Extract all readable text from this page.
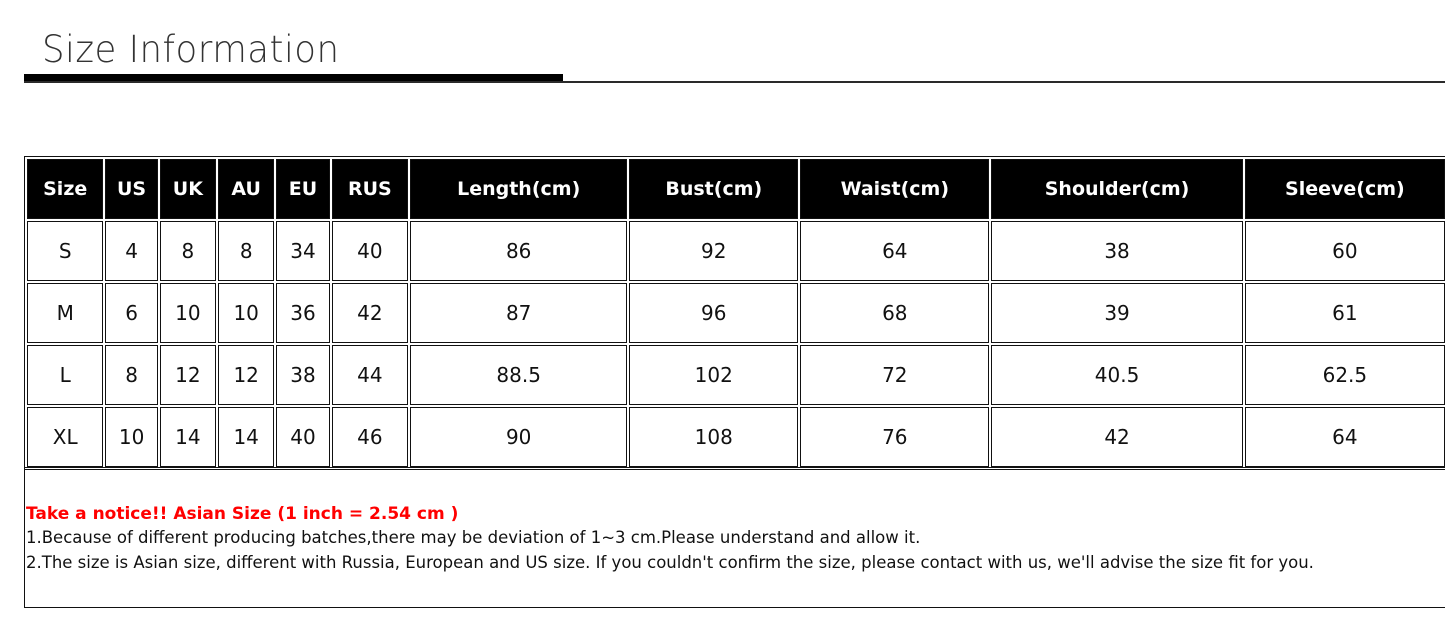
Size Information
Size	US	UK	AU	EU	RUS	Length(cm)	Bust(cm)	Waist(cm)	Shoulder(cm)	Sleeve(cm)
S	4	8	8	34	40	86	92	64	38	60
M	6	10	10	36	42	87	96	68	39	61
L	8	12	12	38	44	88.5	102	72	40.5	62.5
XL	10	14	14	40	46	90	108	76	42	64
Take a notice!! Asian Size (1 inch = 2.54 cm )
1.Because of different producing batches,there may be deviation of 1~3 cm.Please understand and allow it.
2.The size is Asian size, different with Russia, European and US size. If you couldn't confirm the size, please contact with us, we'll advise the size fit for you.
